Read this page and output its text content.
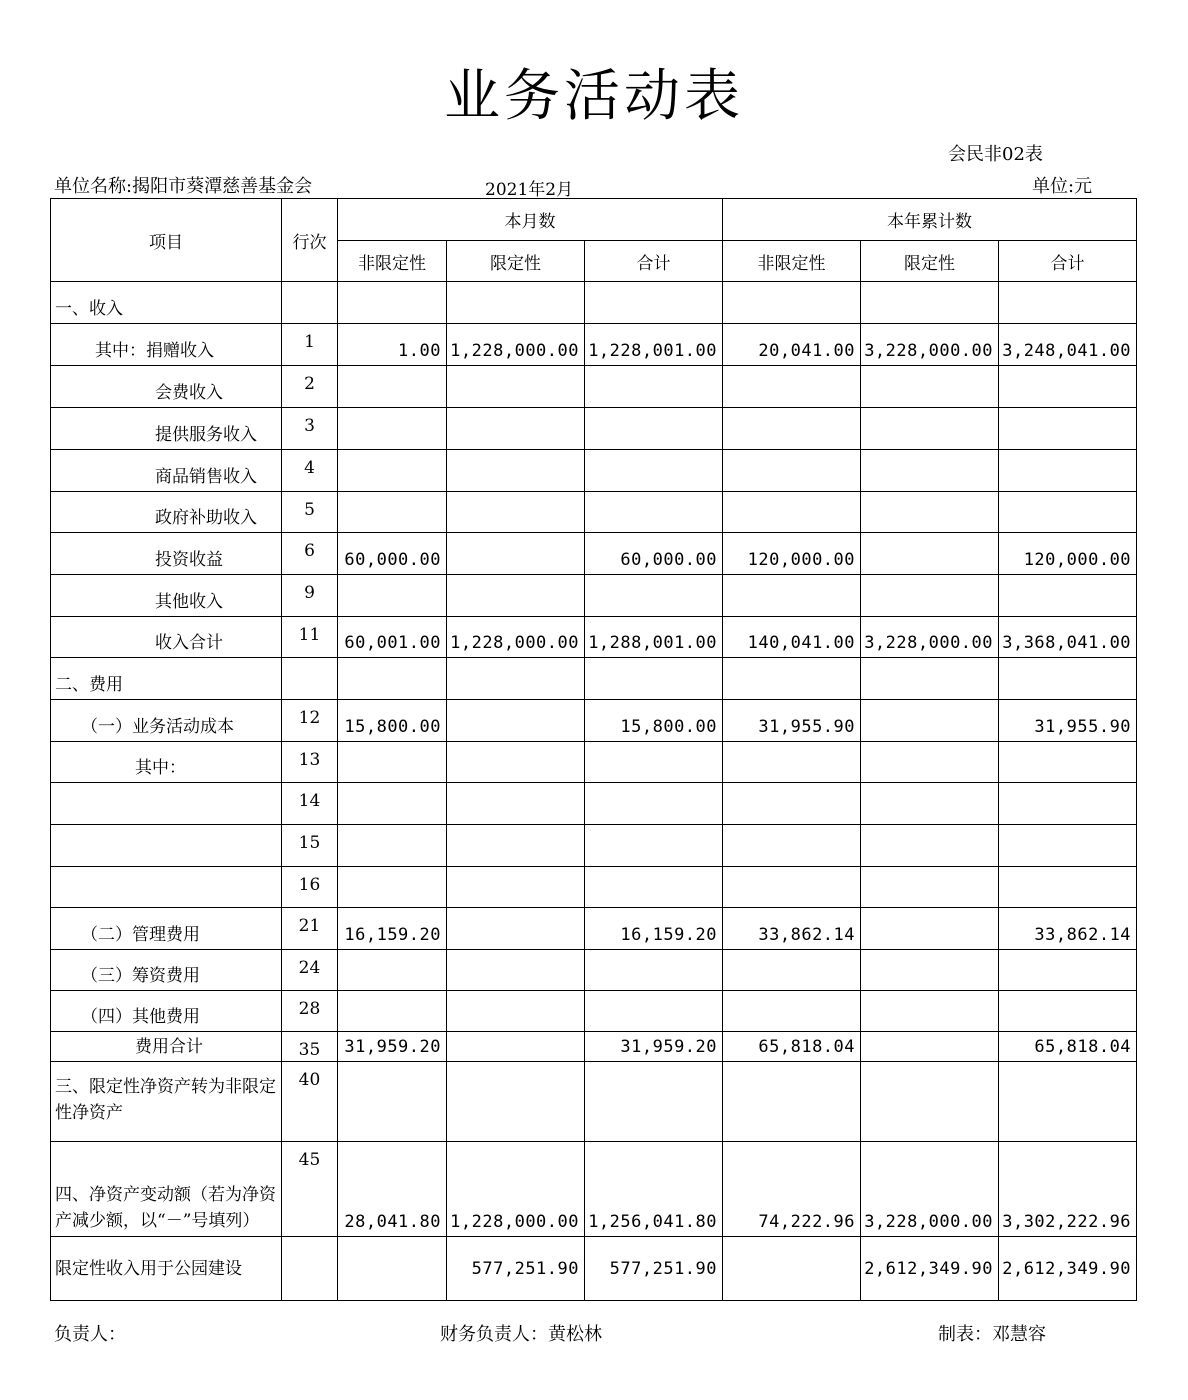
业务活动表
会民非02表
单位名称:揭阳市葵潭慈善基金会	2021年2月	单位:元
项目	行次	本月数			本年累计数		
		非限定性	限定性	合计	非限定性	限定性	合计
一、收入							
其中：捐赠收入	1	1.00	1,228,000.00	1,228,001.00	20,041.00	3,228,000.00	3,248,041.00
会费收入	2						
提供服务收入	3						
商品销售收入	4						
政府补助收入	5						
投资收益	6	60,000.00		60,000.00	120,000.00		120,000.00
其他收入	9						
收入合计	11	60,001.00	1,228,000.00	1,288,001.00	140,041.00	3,228,000.00	3,368,041.00
二、费用							
（一）业务活动成本	12	15,800.00		15,800.00	31,955.90		31,955.90
其中：	13						
	14						
	15						
	16						
（二）管理费用	21	16,159.20		16,159.20	33,862.14		33,862.14
（三）筹资费用	24						
（四）其他费用	28						
费用合计	35	31,959.20		31,959.20	65,818.04		65,818.04
三、限定性净资产转为非限定性净资产	40						
四、净资产变动额（若为净资产减少额，以“－”号填列）	45	28,041.80	1,228,000.00	1,256,041.80	74,222.96	3,228,000.00	3,302,222.96
限定性收入用于公园建设			577,251.90	577,251.90		2,612,349.90	2,612,349.90
负责人：	财务负责人：黄松林	制表：邓慧容
